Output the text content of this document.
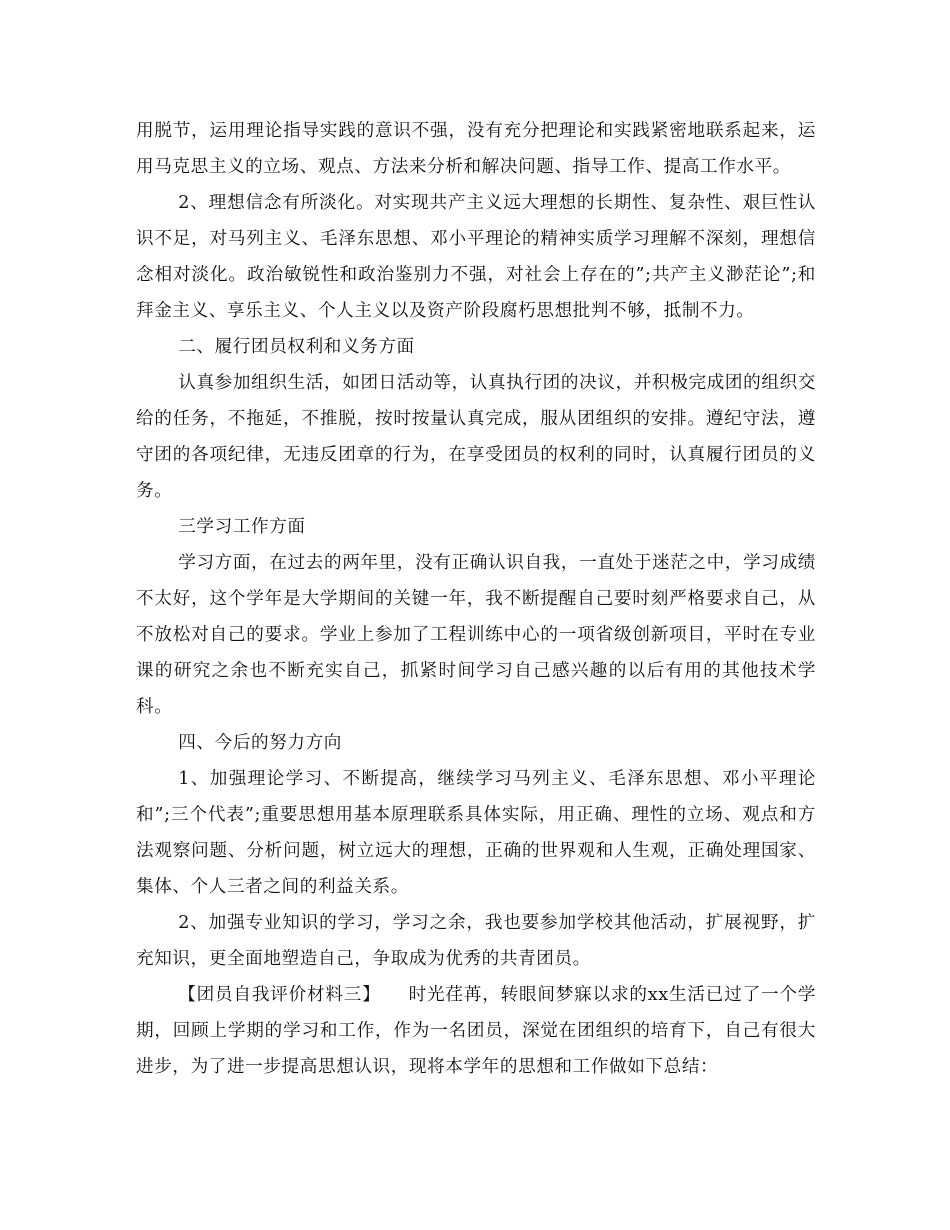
用脱节，运用理论指导实践的意识不强，没有充分把理论和实践紧密地联系起来，运用马克思主义的立场、观点、方法来分析和解决问题、指导工作、提高工作水平。

2、理想信念有所淡化。对实现共产主义远大理想的长期性、复杂性、艰巨性认识不足，对马列主义、毛泽东思想、邓小平理论的精神实质学习理解不深刻，理想信念相对淡化。政治敏锐性和政治鉴别力不强，对社会上存在的”;共产主义渺茫论”;和拜金主义、享乐主义、个人主义以及资产阶段腐朽思想批判不够，抵制不力。

二、履行团员权利和义务方面

认真参加组织生活，如团日活动等，认真执行团的决议，并积极完成团的组织交给的任务，不拖延，不推脱，按时按量认真完成，服从团组织的安排。遵纪守法，遵守团的各项纪律，无违反团章的行为，在享受团员的权利的同时，认真履行团员的义务。

三学习工作方面

学习方面，在过去的两年里，没有正确认识自我，一直处于迷茫之中，学习成绩不太好，这个学年是大学期间的关键一年，我不断提醒自己要时刻严格要求自己，从不放松对自己的要求。学业上参加了工程训练中心的一项省级创新项目，平时在专业课的研究之余也不断充实自己，抓紧时间学习自己感兴趣的以后有用的其他技术学科。

四、今后的努力方向

1、加强理论学习、不断提高，继续学习马列主义、毛泽东思想、邓小平理论和”;三个代表”;重要思想用基本原理联系具体实际，用正确、理性的立场、观点和方法观察问题、分析问题，树立远大的理想，正确的世界观和人生观，正确处理国家、集体、个人三者之间的利益关系。

2、加强专业知识的学习，学习之余，我也要参加学校其他活动，扩展视野，扩充知识，更全面地塑造自己，争取成为优秀的共青团员。

【团员自我评价材料三】　　时光荏苒，转眼间梦寐以求的xx生活已过了一个学期，回顾上学期的学习和工作，作为一名团员，深觉在团组织的培育下，自己有很大进步，为了进一步提高思想认识，现将本学年的思想和工作做如下总结：
